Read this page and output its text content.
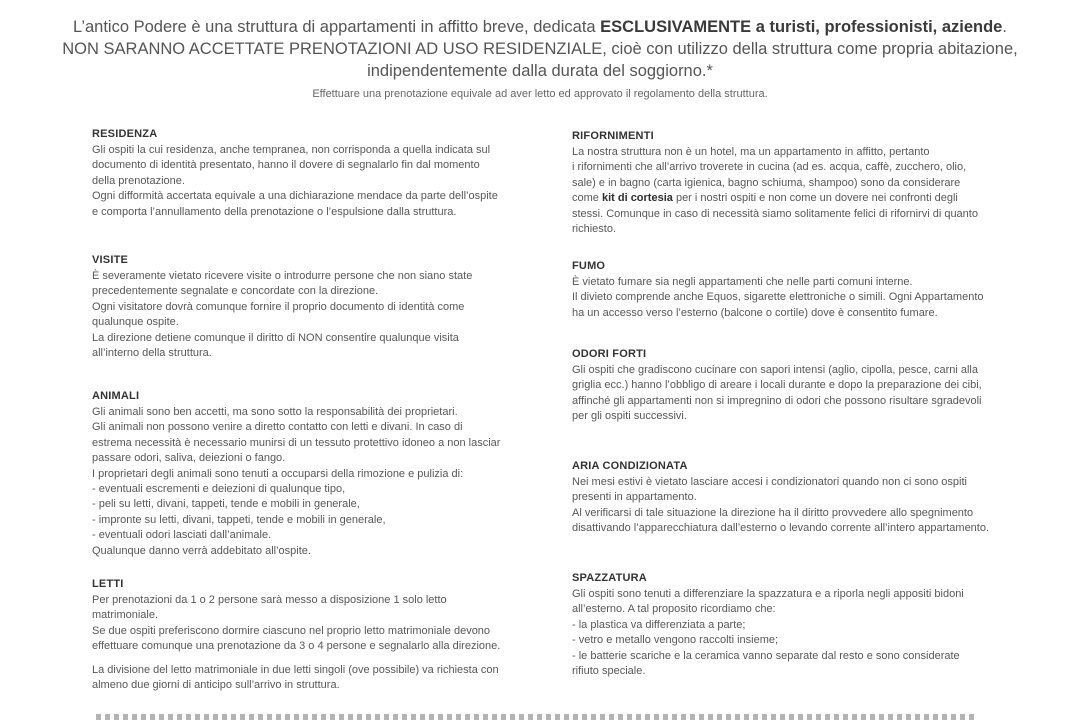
L’antico Podere è una struttura di appartamenti in affitto breve, dedicata ESCLUSIVAMENTE a turisti, professionisti, aziende.
NON SARANNO ACCETTATE PRENOTAZIONI AD USO RESIDENZIALE, cioè con utilizzo della struttura come propria abitazione,
indipendentemente dalla durata del soggiorno.*
Effettuare una prenotazione equivale ad aver letto ed approvato il regolamento della struttura.
RESIDENZA

Gli ospiti la cui residenza, anche tempranea, non corrisponda a quella indicata sul
documento di identità presentato, hanno il dovere di segnalarlo fin dal momento
della prenotazione.
Ogni difformità accertata equivale a una dichiarazione mendace da parte dell’ospite
e comporta l’annullamento della prenotazione o l’espulsione dalla struttura.

VISITE

È severamente vietato ricevere visite o introdurre persone che non siano state
precedentemente segnalate e concordate con la direzione.
Ogni visitatore dovrà comunque fornire il proprio documento di identità come
qualunque ospite.
La direzione detiene comunque il diritto di NON consentire qualunque visita
all’interno della struttura.

ANIMALI

Gli animali sono ben accetti, ma sono sotto la responsabilità dei proprietari.
Gli animali non possono venire a diretto contatto con letti e divani. In caso di
estrema necessità è necessario munirsi di un tessuto protettivo idoneo a non lasciar
passare odori, saliva, deiezioni o fango.
I proprietari degli animali sono tenuti a occuparsi della rimozione e pulizia di:
- eventuali escrementi e deiezioni di qualunque tipo,
- peli su letti, divani, tappeti, tende e mobili in generale,
- impronte su letti, divani, tappeti, tende e mobili in generale,
- eventuali odori lasciati dall’animale.
Qualunque danno verrà addebitato all’ospite.

LETTI

Per prenotazioni da 1 o 2 persone sarà messo a disposizione 1 solo letto matrimoniale.
Se due ospiti preferiscono dormire ciascuno nel proprio letto matrimoniale devono
effettuare comunque una prenotazione da 3 o 4 persone e segnalarlo alla direzione.

La divisione del letto matrimoniale in due letti singoli (ove possibile) va richiesta con
almeno due giorni di anticipo sull’arrivo in struttura.

RIFORNIMENTI

La nostra struttura non è un hotel, ma un appartamento in affitto, pertanto
i rifornimenti che all’arrivo troverete in cucina (ad es. acqua, caffè, zucchero, olio,
sale) e in bagno (carta igienica, bagno schiuma, shampoo) sono da considerare
come kit di cortesia per i nostri ospiti e non come un dovere nei confronti degli
stessi. Comunque in caso di necessità siamo solitamente felici di rifornirvi di quanto
richiesto.

FUMO

È vietato fumare sia negli appartamenti che nelle parti comuni interne.
Il divieto comprende anche Equos, sigarette elettroniche o simili. Ogni Appartamento
ha un accesso verso l’esterno (balcone o cortile) dove è consentito fumare.

ODORI FORTI

Gli ospiti che gradiscono cucinare con sapori intensi (aglio, cipolla, pesce, carni alla
griglia ecc.) hanno l’obbligo di areare i locali durante e dopo la preparazione dei cibi,
affinché gli appartamenti non si impregnino di odori che possono risultare sgradevoli
per gli ospiti successivi.

ARIA CONDIZIONATA

Nei mesi estivi è vietato lasciare accesi i condizionatori quando non ci sono ospiti
presenti in appartamento.
Al verificarsi di tale situazione la direzione ha il diritto provvedere allo spegnimento
disattivando l’apparecchiatura dall’esterno o levando corrente all’intero appartamento.

SPAZZATURA

Gli ospiti sono tenuti a differenziare la spazzatura e a riporla negli appositi bidoni
all’esterno. A tal proposito ricordiamo che:
- la plastica va differenziata a parte;
- vetro e metallo vengono raccolti insieme;
- le batterie scariche e la ceramica vanno separate dal resto e sono considerate
rifiuto speciale.
